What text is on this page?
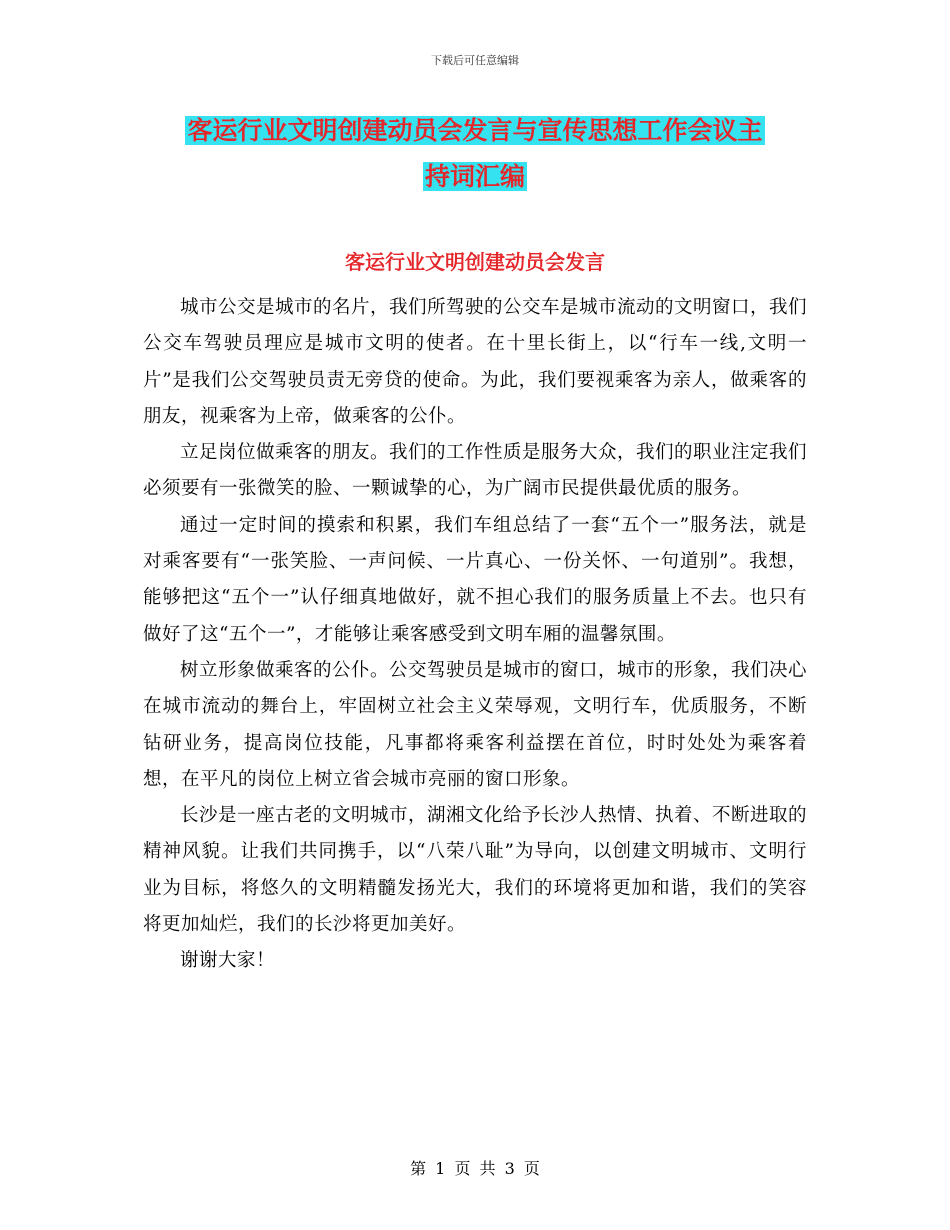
下载后可任意编辑
客运行业文明创建动员会发言与宣传思想工作会议主
持词汇编
客运行业文明创建动员会发言

城市公交是城市的名片，我们所驾驶的公交车是城市流动的文明窗口，我们公交车驾驶员理应是城市文明的使者。在十里长街上，以“行车一线,文明一片”是我们公交驾驶员责无旁贷的使命。为此，我们要视乘客为亲人，做乘客的朋友，视乘客为上帝，做乘客的公仆。

立足岗位做乘客的朋友。我们的工作性质是服务大众，我们的职业注定我们必须要有一张微笑的脸、一颗诚挚的心，为广阔市民提供最优质的服务。

通过一定时间的摸索和积累，我们车组总结了一套“五个一”服务法，就是对乘客要有“一张笑脸、一声问候、一片真心、一份关怀、一句道别”。我想，能够把这“五个一”认仔细真地做好，就不担心我们的服务质量上不去。也只有做好了这“五个一”，才能够让乘客感受到文明车厢的温馨氛围。

树立形象做乘客的公仆。公交驾驶员是城市的窗口，城市的形象，我们决心在城市流动的舞台上，牢固树立社会主义荣辱观，文明行车，优质服务，不断钻研业务，提高岗位技能，凡事都将乘客利益摆在首位，时时处处为乘客着想，在平凡的岗位上树立省会城市亮丽的窗口形象。

长沙是一座古老的文明城市，湖湘文化给予长沙人热情、执着、不断进取的精神风貌。让我们共同携手，以“八荣八耻”为导向，以创建文明城市、文明行业为目标，将悠久的文明精髓发扬光大，我们的环境将更加和谐，我们的笑容将更加灿烂，我们的长沙将更加美好。

谢谢大家！

第 1 页 共 3 页
